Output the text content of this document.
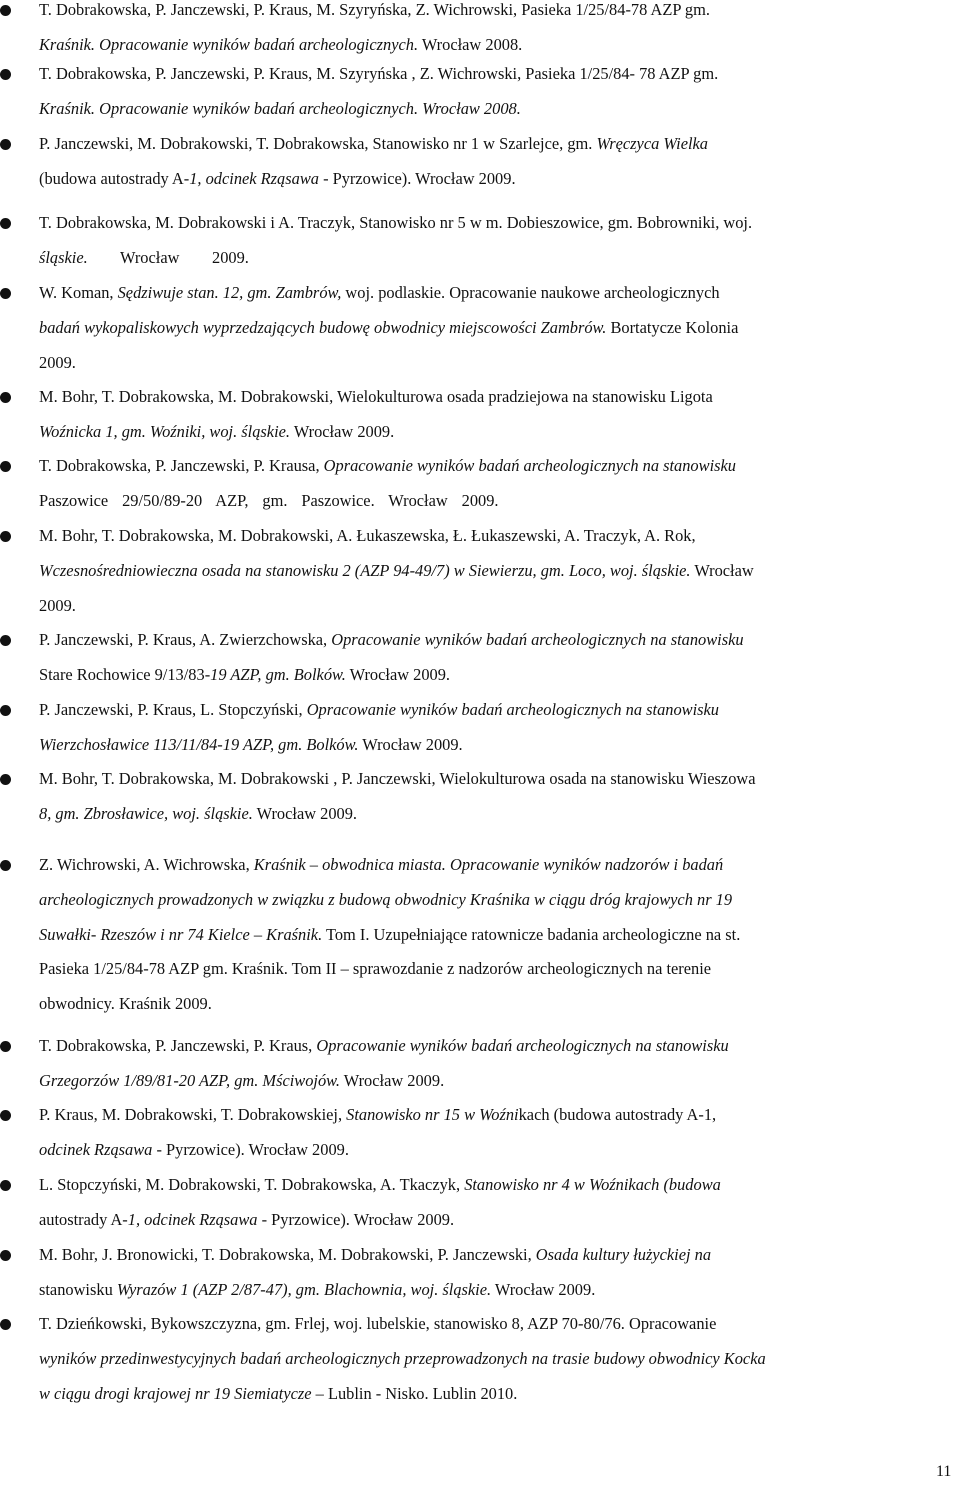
T. Dobrakowska, P. Janczewski, P. Kraus, M. Szyryńska, Z. Wichrowski, Pasieka 1/25/84-78 AZP gm.
Kraśnik. Opracowanie wyników badań archeologicznych. Wrocław 2008.
T. Dobrakowska, P. Janczewski, P. Kraus, M. Szyryńska , Z. Wichrowski, Pasieka 1/25/84- 78 AZP gm.
Kraśnik. Opracowanie wyników badań archeologicznych. Wrocław 2008.
P. Janczewski, M. Dobrakowski, T. Dobrakowska, Stanowisko nr 1 w Szarlejce, gm. Wręczyca Wielka
(budowa autostrady A-1, odcinek Rząsawa - Pyrzowice). Wrocław 2009.
T. Dobrakowska, M. Dobrakowski i A. Traczyk, Stanowisko nr 5 w m. Dobieszowice, gm. Bobrowniki, woj.
śląskie. Wrocław 2009.
W. Koman, Sędziwuje stan. 12, gm. Zambrów, woj. podlaskie. Opracowanie naukowe archeologicznych
badań wykopaliskowych wyprzedzających budowę obwodnicy miejscowości Zambrów. Bortatycze Kolonia
2009.
M. Bohr, T. Dobrakowska, M. Dobrakowski, Wielokulturowa osada pradziejowa na stanowisku Ligota
Woźnicka 1, gm. Woźniki, woj. śląskie. Wrocław 2009.
T. Dobrakowska, P. Janczewski, P. Krausa, Opracowanie wyników badań archeologicznych na stanowisku
Paszowice 29/50/89-20 AZP, gm. Paszowice. Wrocław 2009.
M. Bohr, T. Dobrakowska, M. Dobrakowski, A. Łukaszewska, Ł. Łukaszewski, A. Traczyk, A. Rok,
Wczesnośredniowieczna osada na stanowisku 2 (AZP 94-49/7) w Siewierzu, gm. Loco, woj. śląskie. Wrocław
2009.
P. Janczewski, P. Kraus, A. Zwierzchowska, Opracowanie wyników badań archeologicznych na stanowisku
Stare Rochowice 9/13/83-19 AZP, gm. Bolków. Wrocław 2009.
P. Janczewski, P. Kraus, L. Stopczyński, Opracowanie wyników badań archeologicznych na stanowisku
Wierzchosławice 113/11/84-19 AZP, gm. Bolków. Wrocław 2009.
M. Bohr, T. Dobrakowska, M. Dobrakowski , P. Janczewski, Wielokulturowa osada na stanowisku Wieszowa
8, gm. Zbrosławice, woj. śląskie. Wrocław 2009.
Z. Wichrowski, A. Wichrowska, Kraśnik – obwodnica miasta. Opracowanie wyników nadzorów i badań
archeologicznych prowadzonych w związku z budową obwodnicy Kraśnika w ciągu dróg krajowych nr 19
Suwałki- Rzeszów i nr 74 Kielce – Kraśnik. Tom I. Uzupełniające ratownicze badania archeologiczne na st.
Pasieka 1/25/84-78 AZP gm. Kraśnik. Tom II – sprawozdanie z nadzorów archeologicznych na terenie
obwodnicy. Kraśnik 2009.
T. Dobrakowska, P. Janczewski, P. Kraus, Opracowanie wyników badań archeologicznych na stanowisku
Grzegorzów 1/89/81-20 AZP, gm. Mściwojów. Wrocław 2009.
P. Kraus, M. Dobrakowski, T. Dobrakowskiej, Stanowisko nr 15 w Woźnikach (budowa autostrady A-1,
odcinek Rząsawa - Pyrzowice). Wrocław 2009.
L. Stopczyński, M. Dobrakowski, T. Dobrakowska, A. Tkaczyk, Stanowisko nr 4 w Woźnikach (budowa
autostrady A-1, odcinek Rząsawa - Pyrzowice). Wrocław 2009.
M. Bohr, J. Bronowicki, T. Dobrakowska, M. Dobrakowski, P. Janczewski, Osada kultury łużyckiej na
stanowisku Wyrazów 1 (AZP 2/87-47), gm. Blachownia, woj. śląskie. Wrocław 2009.
T. Dzieńkowski, Bykowszczyzna, gm. Frlej, woj. lubelskie, stanowisko 8, AZP 70-80/76. Opracowanie
wyników przedinwestycyjnych badań archeologicznych przeprowadzonych na trasie budowy obwodnicy Kocka
w ciągu drogi krajowej nr 19 Siemiatycze – Lublin - Nisko. Lublin 2010.
11
